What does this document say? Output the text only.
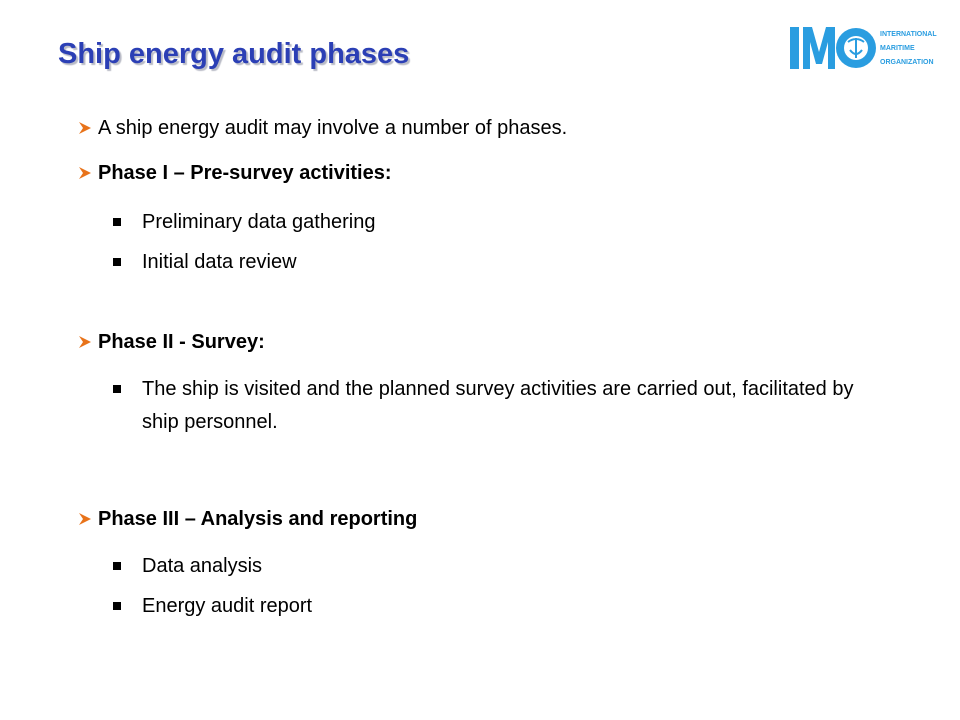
Ship energy audit phases
INTERNATIONAL
MARITIME
ORGANIZATION
A ship energy audit may involve a number of phases.
Phase I – Pre-survey activities:
Preliminary data gathering
Initial data review
Phase II - Survey:
The ship is visited and the planned survey activities are carried out, facilitated by ship personnel.
Phase III – Analysis and reporting
Data analysis
Energy audit report
